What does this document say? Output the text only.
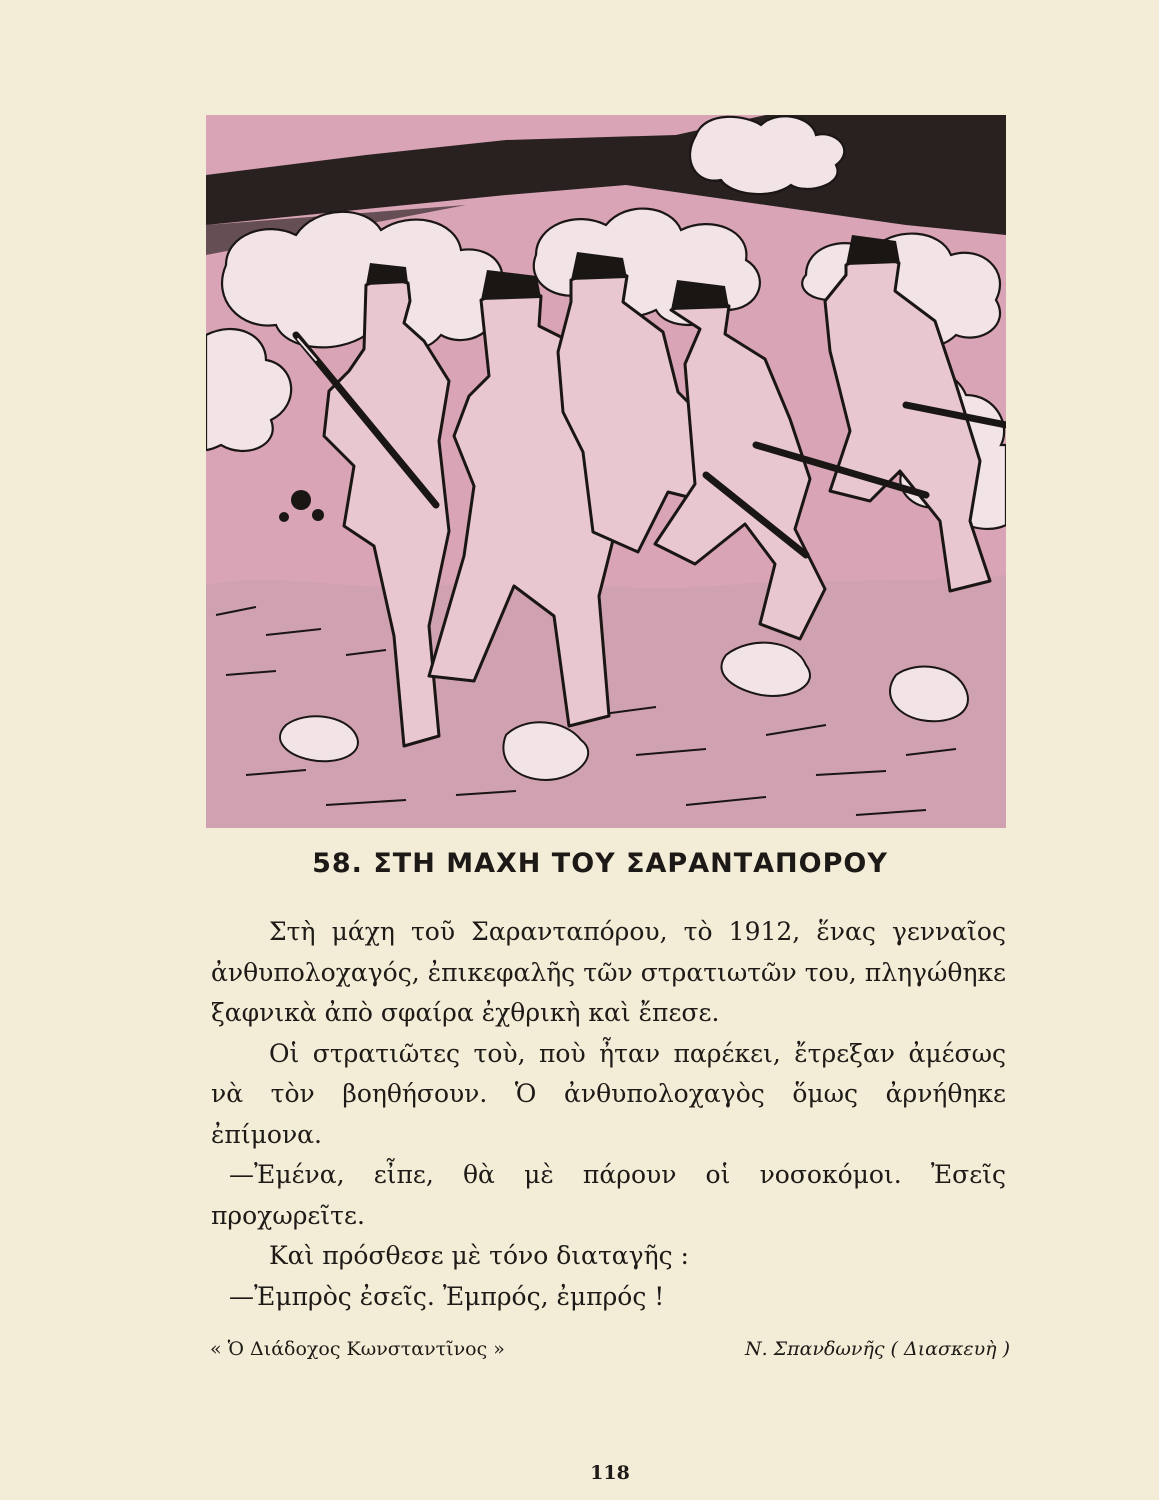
58. ΣΤΗ ΜΑΧΗ ΤΟΥ ΣΑΡΑΝΤΑΠΟΡΟΥ

Στὴ μάχη τοῦ Σαρανταπόρου, τὸ 1912, ἕνας γενναῖος ἀνθυπολοχαγός, ἐπικεφαλῆς τῶν στρατιωτῶν του, πληγώθηκε ξαφνικὰ ἀπὸ σφαίρα ἐχθρικὴ καὶ ἔπεσε.

Οἱ στρατιῶτες τοὺ, ποὺ ἦταν παρέκει, ἔτρεξαν ἀμέσως νὰ τὸν βοηθήσουν. Ὁ ἀνθυπολοχαγὸς ὅμως ἀρνήθηκε ἐπίμονα.

—Ἐμένα, εἶπε, θὰ μὲ πάρουν οἱ νοσοκόμοι. Ἐσεῖς προχωρεῖτε.

Καὶ πρόσθεσε μὲ τόνο διαταγῆς :

—Ἐμπρὸς ἐσεῖς. Ἐμπρός, ἐμπρός !

« Ὁ Διάδοχος Κωνσταντῖνος »	Ν. Σπανδωνῆς ( Διασκευὴ )
118
